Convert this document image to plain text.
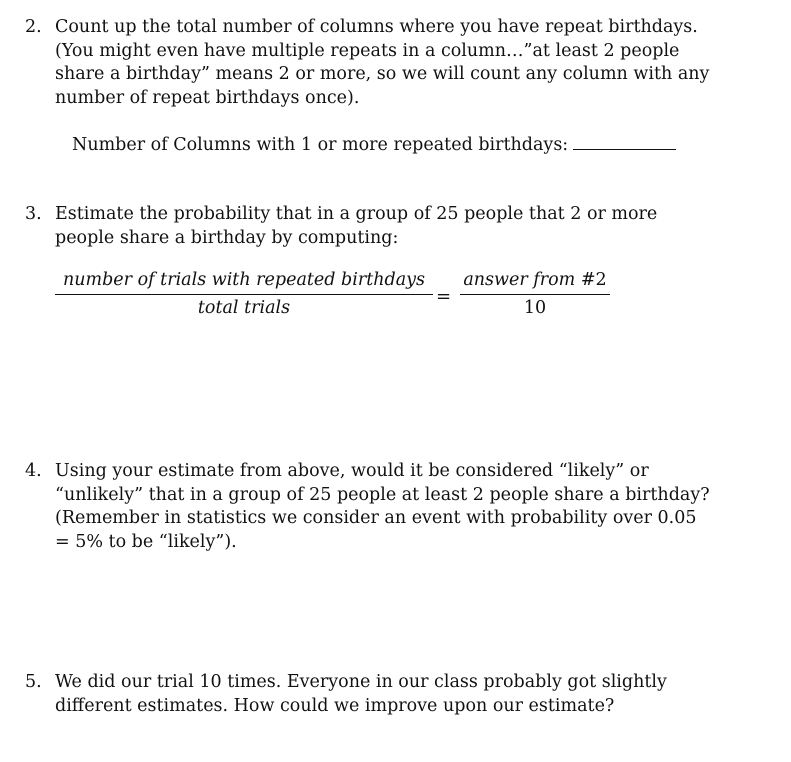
2. Count up the total number of columns where you have repeat birthdays.
(You might even have multiple repeats in a column…”at least 2 people
share a birthday” means 2 or more, so we will count any column with any
number of repeat birthdays once).
Number of Columns with 1 or more repeated birthdays:
3. Estimate the probability that in a group of 25 people that 2 or more
people share a birthday by computing:
number of trials with repeated birthdays
total trials
=
answer from #2
10
4. Using your estimate from above, would it be considered “likely” or
“unlikely” that in a group of 25 people at least 2 people share a birthday?
(Remember in statistics we consider an event with probability over 0.05
= 5% to be “likely”).
5. We did our trial 10 times. Everyone in our class probably got slightly
different estimates. How could we improve upon our estimate?
